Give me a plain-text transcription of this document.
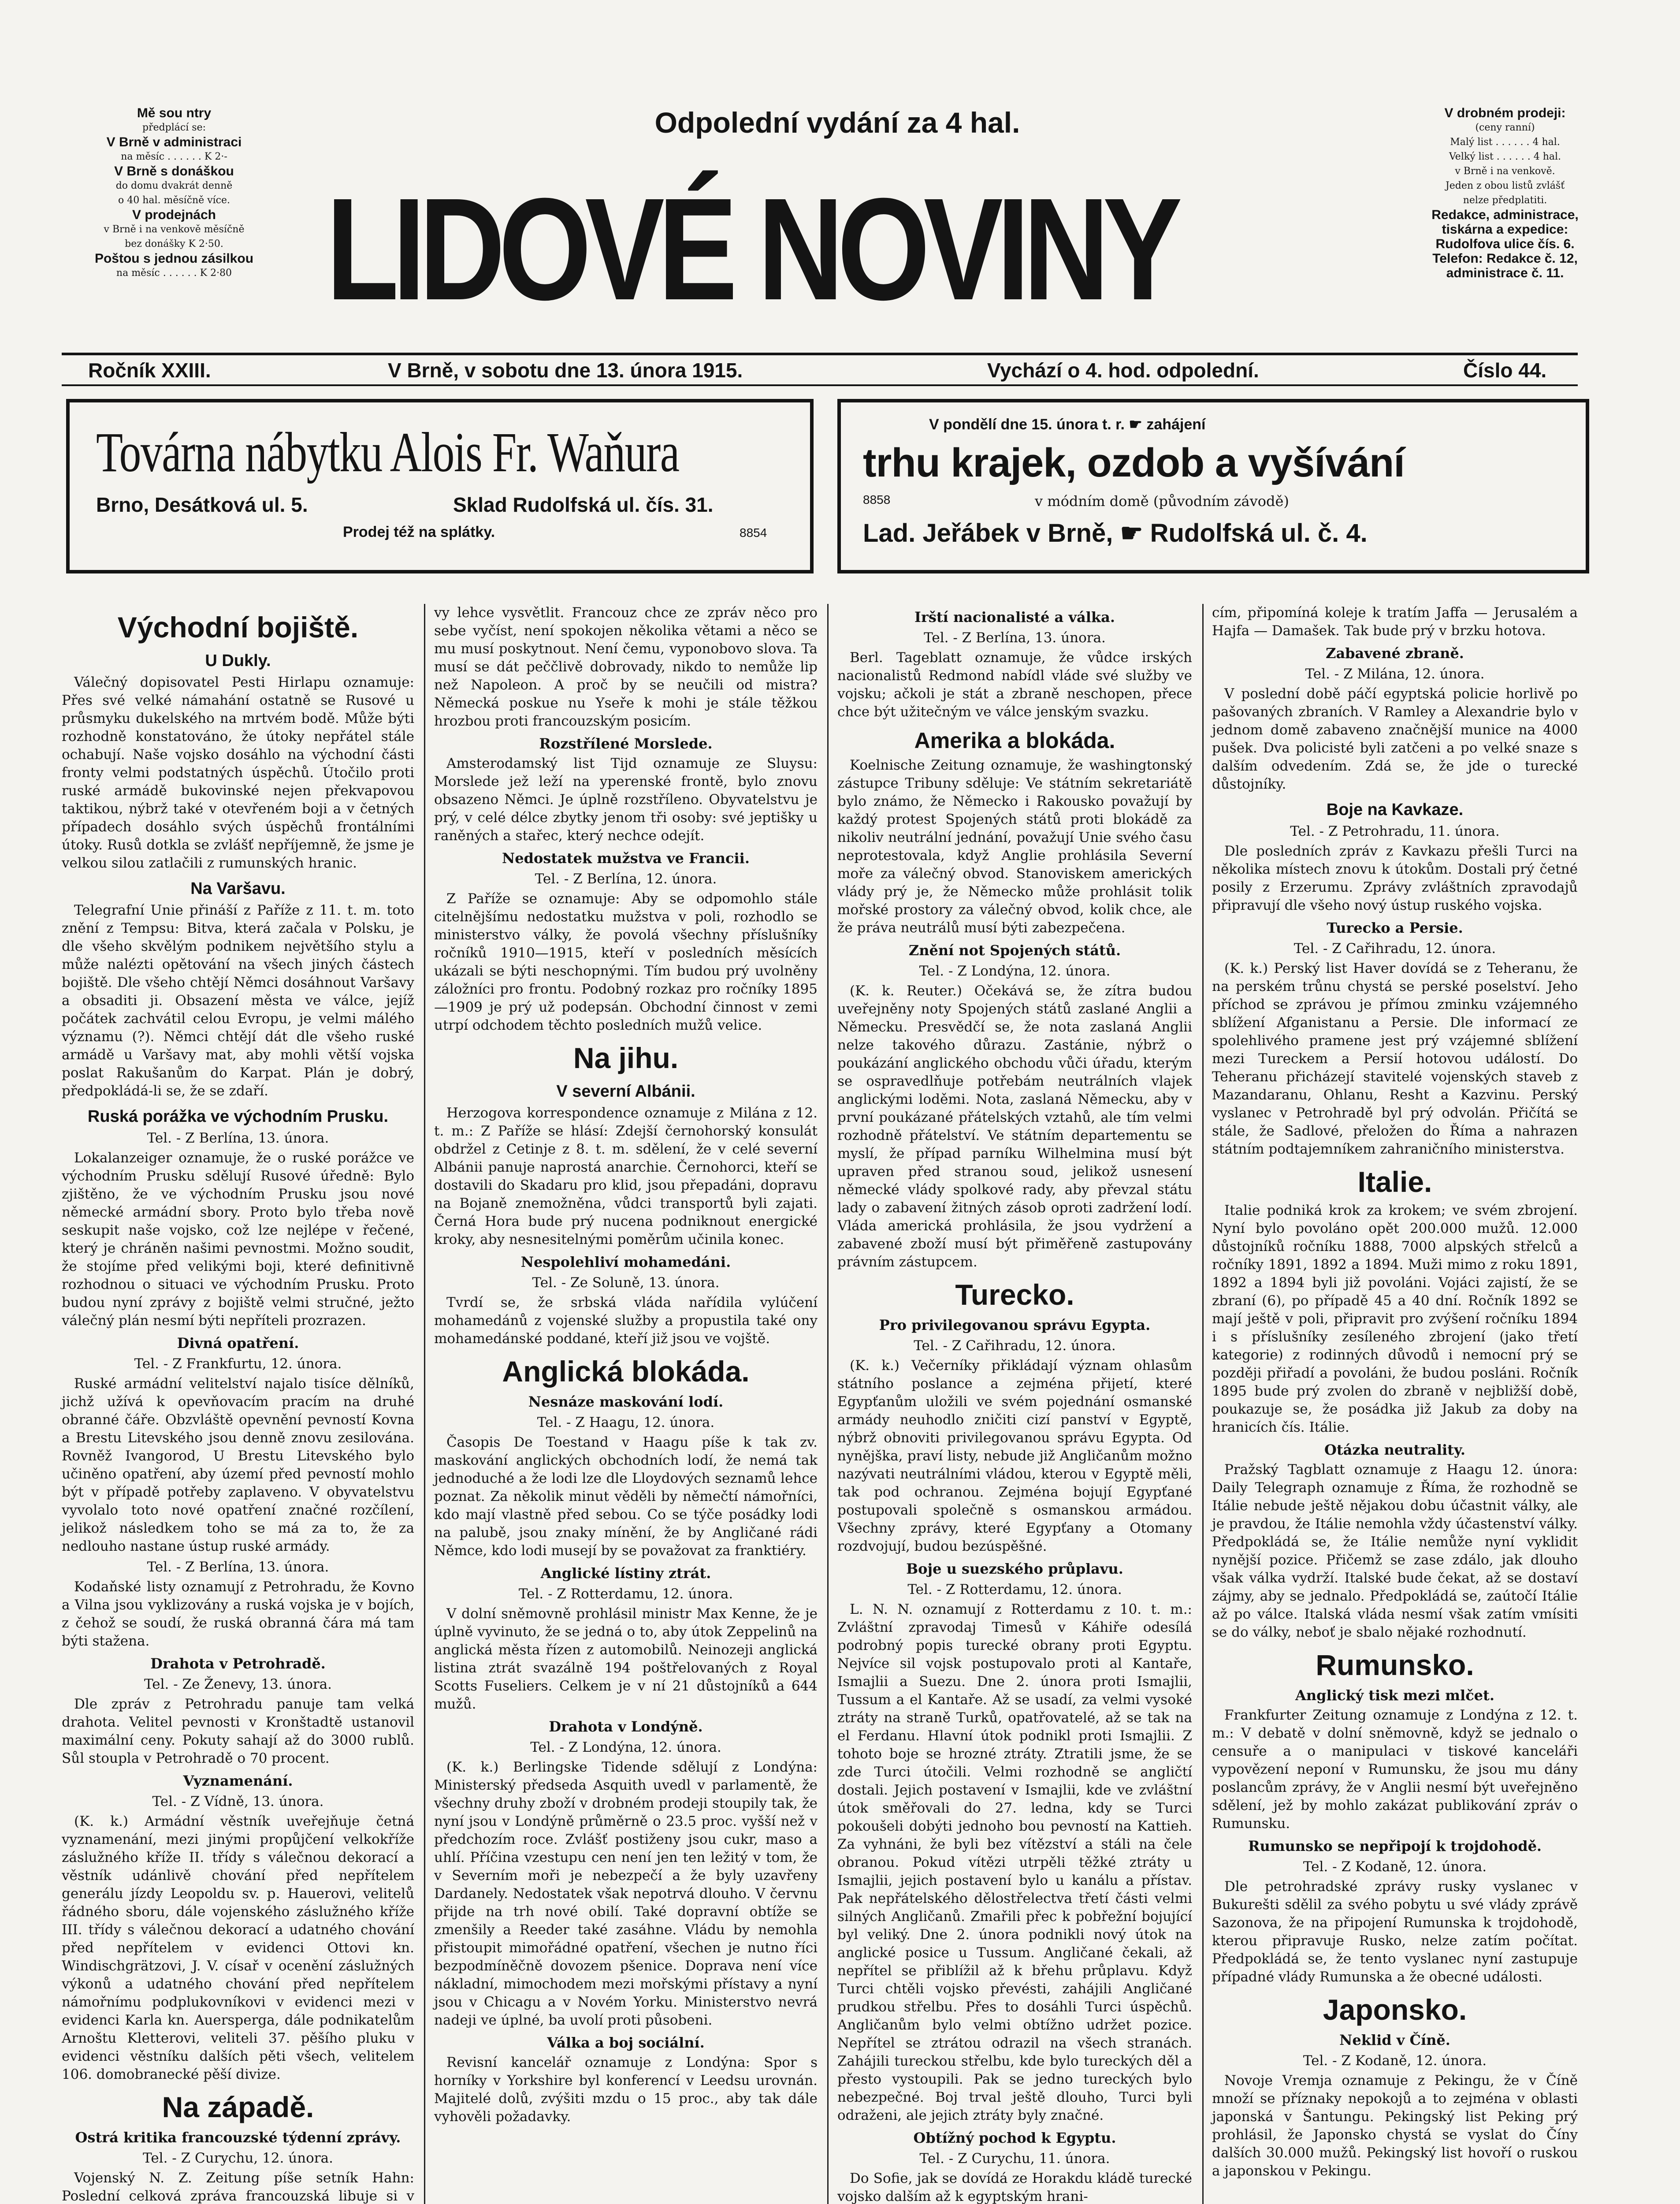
Mě sou ntry
předplácí se:
V Brně v administraci
na měsíc . . . . . . K 2·-
V Brně s donáškou
do domu dvakrát denně
o 40 hal. měsíčně více.
V prodejnách
v Brně i na venkově měsíčně
bez donášky K 2·50.
Poštou s jednou zásilkou
na měsíc . . . . . . K 2·80
Odpolední vydání za 4 hal.
LIDOVÉ NOVINY
V drobném prodeji:
(ceny ranní)
Malý list . . . . . . 4 hal.
Velký list . . . . . . 4 hal.
v Brně i na venkově.
Jeden z obou listů zvlášť
nelze předplatiti.
Redakce, administrace,
tiskárna a expedice:
Rudolfova ulice čís. 6.
Telefon: Redakce č. 12,
administrace č. 11.
Ročník XXIII.	V Brně, v sobotu dne 13. února 1915.	Vychází o 4. hod. odpolední.	Číslo 44.
Továrna nábytku Alois Fr. Waňura
Brno, Desátková ul. 5.	Sklad Rudolfská ul. čís. 31.
Prodej též na splátky.	8854
V pondělí dne 15. února t. r. ☛ zahájení
trhu krajek, ozdob a vyšívání
8858	v módním domě (původním závodě)
Lad. Jeřábek v Brně, ☛ Rudolfská ul. č. 4.
Východní bojiště.
U Dukly.

Válečný dopisovatel Pesti Hirlapu oznamuje: Přes své velké námahání ostatně se Rusové u průsmyku dukelského na mrtvém bodě. Může býti rozhodně konstatováno, že útoky nepřátel stále ochabují. Naše vojsko dosáhlo na východní části fronty velmi podstatných úspěchů. Útočilo proti ruské armádě bukovinské nejen překvapovou taktikou, nýbrž také v otevřeném boji a v četných případech dosáhlo svých úspěchů frontálními útoky. Rusů dotkla se zvlášť nepříjemně, že jsme je velkou silou zatlačili z rumunských hranic.

Na Varšavu.

Telegrafní Unie přináší z Paříže z 11. t. m. toto znění z Tempsu: Bitva, která začala v Polsku, je dle všeho skvělým podnikem největšího stylu a může nalézti opětování na všech jiných částech bojiště. Dle všeho chtějí Němci dosáhnout Varšavy a obsaditi ji. Obsazení města ve válce, jejíž počátek zachvátil celou Evropu, je velmi málého významu (?). Němci chtějí dát dle všeho ruské armádě u Varšavy mat, aby mohli větší vojska poslat Rakušanům do Karpat. Plán je dobrý, předpokládá-li se, že se zdaří.

Ruská porážka ve východním Prusku.

Tel. - Z Berlína, 13. února.

Lokalanzeiger oznamuje, že o ruské porážce ve východním Prusku sdělují Rusové úředně: Bylo zjištěno, že ve východním Prusku jsou nové německé armádní sbory. Proto bylo třeba nově seskupit naše vojsko, což lze nejlépe v řečené, který je chráněn našimi pevnostmi. Možno soudit, že stojíme před velikými boji, které definitivně rozhodnou o situaci ve východním Prusku. Proto budou nyní zprávy z bojiště velmi stručné, ježto válečný plán nesmí býti nepříteli prozrazen.

Divná opatření.

Tel. - Z Frankfurtu, 12. února.

Ruské armádní velitelství najalo tisíce dělníků, jichž užívá k opevňovacím pracím na druhé obranné čáře. Obzvláště opevnění pevností Kovna a Brestu Litevského jsou denně znovu zesilována. Rovněž Ivangorod, U Brestu Litevského bylo učiněno opatření, aby území před pevností mohlo být v případě potřeby zaplaveno. V obyvatelstvu vyvolalo toto nové opatření značné rozčílení, jelikož následkem toho se má za to, že za nedlouho nastane ústup ruské armády.

Tel. - Z Berlína, 13. února.

Kodaňské listy oznamují z Petrohradu, že Kovno a Vilna jsou vyklizovány a ruská vojska je v bojích, z čehož se soudí, že ruská obranná čára má tam býti stažena.

Drahota v Petrohradě.

Tel. - Ze Ženevy, 13. února.

Dle zpráv z Petrohradu panuje tam velká drahota. Velitel pevnosti v Kronštadtě ustanovil maximální ceny. Pokuty sahají až do 3000 rublů. Sůl stoupla v Petrohradě o 70 procent.

Vyznamenání.

Tel. - Z Vídně, 13. února.

(K. k.) Armádní věstník uveřejňuje četná vyznamenání, mezi jinými propůjčení velkokříže záslužného kříže II. třídy s válečnou dekorací a věstník udánlivě chování před nepřítelem generálu jízdy Leopoldu sv. p. Hauerovi, velitelů řádného sboru, dále vojenského záslužného kříže III. třídy s válečnou dekorací a udatného chování před nepřítelem v evidenci Ottovi kn. Windischgrätzovi, J. V. císař v ocenění záslužných výkonů a udatného chování před nepřítelem námořnímu podplukovníkovi v evidenci mezi v evidenci Karla kn. Auerspergа, dále podnikatelům Arnoštu Kletterovi, veliteli 37. pěšího pluku v evidenci věstníku dalších pěti všech, velitelem 106. domobranecké pěší divize.

Na západě.
Ostrá kritika francouzské týdenní zprávy.

Tel. - Z Curychu, 12. února.

Vojenský N. Z. Zeitung píše setník Hahn: Poslední celková zpráva francouzská libuje si v

vy lehce vysvětlit. Francouz chce ze zpráv něco pro sebe vyčíst, není spokojen několika větami a něco se mu musí poskytnout. Není čemu, vyponobovo slova. Ta musí se dát peččlivě dobrovady, nikdo to nemůže lip než Napoleon. A proč by se neučili od mistra? Německá poskue nu Yseře k mohi je stále těžkou hrozbou proti francouzským posicím.

Rozstřílené Morslede.

Amsterodamský list Tijd oznamuje ze Sluysu: Morslede jež leží na yperenské frontě, bylo znovu obsazeno Němci. Je úplně rozstříleno. Obyvatelstvu je prý, v celé délce zbytky jenom tři osoby: své jeptišky u raněných a stařec, který nechce odejít.

Nedostatek mužstva ve Francii.

Tel. - Z Berlína, 12. února.

Z Paříže se oznamuje: Aby se odpomohlo stále citelnějšímu nedostatku mužstva v poli, rozhodlo se ministerstvo války, že povolá všechny příslušníky ročníků 1910—1915, kteří v posledních měsících ukázali se býti neschopnými. Tím budou prý uvolněny záložníci pro frontu. Podobný rozkaz pro ročníky 1895—1909 je prý už podepsán. Obchodní činnost v zemi utrpí odchodem těchto posledních mužů velice.

Na jihu.
V severní Albánii.

Herzogova korrespondence oznamuje z Milána z 12. t. m.: Z Paříže se hlásí: Zdejší černohorský konsulát obdržel z Cetinje z 8. t. m. sdělení, že v celé severní Albánii panuje naprostá anarchie. Černohorci, kteří se dostavili do Skadaru pro klid, jsou přepadáni, dopravu na Bojaně znemožněna, vůdci transportů byli zajati. Černá Hora bude prý nucena podniknout energické kroky, aby nesnesitelnými poměrům učinila konec.

Nespolehliví mohamedáni.

Tel. - Ze Soluně, 13. února.

Tvrdí se, že srbská vláda nařídila vylúčení mohamedánů z vojenské služby a propustila také ony mohamedánské poddané, kteří již jsou ve vojště.

Anglická blokáda.
Nesnáze maskování lodí.

Tel. - Z Haagu, 12. února.

Časopis De Toestand v Haagu píše k tak zv. maskování anglických obchodních lodí, že nemá tak jednoduché a že lodi lze dle Lloydových seznamů lehce poznat. Za několik minut věděli by němečtí námořníci, kdo mají vlastně před sebou. Co se týče posádky lodi na palubě, jsou znaky mínění, že by Angličané rádi Němce, kdo lodi musejí by se považovat za franktiéry.

Anglické lístiny ztrát.

Tel. - Z Rotterdamu, 12. února.

V dolní sněmovně prohlásil ministr Max Kenne, že je úplně vyvinuto, že se jedná o to, aby útok Zeppelinů na anglická města řízen z automobilů. Neinozeji anglická listina ztrát svazálně 194 poštřelovaných z Royal Scotts Fuseliers. Celkem je v ní 21 důstojníků a 644 mužů.

Drahota v Londýně.

Tel. - Z Londýna, 12. února.

(K. k.) Berlingske Tidende sdělují z Londýna: Ministerský předseda Asquith uvedl v parlamentě, že všechny druhy zboží v drobném prodeji stoupily tak, že nyní jsou v Londýně průměrně o 23.5 proc. vyšší než v předchozím roce. Zvlášť postiženy jsou cukr, maso a uhlí. Příčina vzestupu cen není jen ten ležitý v tom, že v Severním moři je nebezpečí a že byly uzavřeny Dardanely. Nedostatek však nepotrvá dlouho. V červnu přijde na trh nové obilí. Také dopravní obtíže se zmenšily a Reeder také zasáhne. Vládu by nemohla přistoupit mimořádné opatření, všechen je nutno říci bezpodmíněčně dovozem pšenice. Doprava není více nákladní, mimochodem mezi mořskými přístavy a nyní jsou v Chicagu a v Novém Yorku. Ministerstvo nevrá nadeji ve úplné, ba uvolí proti působeni.

Válka a boj sociální.

Revisní kancelář oznamuje z Londýna: Spor s horníky v Yorkshire byl konferencí v Leedsu urovnán. Majitelé dolů, zvýšiti mzdu o 15 proc., aby tak dále vyhověli požadavky.

Irští nacionalisté a válka.

Tel. - Z Berlína, 13. února.

Berl. Tageblatt oznamuje, že vůdce irských nacionalistů Redmond nabídl vláde své služby ve vojsku; ačkoli je stát a zbraně neschopen, přece chce být užitečným ve válce jenským svazku.

Amerika a blokáda.

Koelnische Zeitung oznamuje, že washingtonský zástupce Tribuny sděluje: Ve státním sekretariátě bylo známo, že Německo i Rakousko považují by každý protest Spojených států proti blokádě za nikoliv neutrální jednání, považují Unie svého času neprotestovala, když Anglie prohlásila Severní moře za válečný obvod. Stanoviskem amerických vlády prý je, že Německo může prohlásit tolik mořské prostory za válečný obvod, kolik chce, ale že práva neutrálů musí býti zabezpečena.

Znění not Spojených států.

Tel. - Z Londýna, 12. února.

(K. k. Reuter.) Očekává se, že zítra budou uveřejněny noty Spojených států zaslané Anglii a Německu. Presvědčí se, že nota zaslaná Anglii nelze takového důrazu. Zastánie, nýbrž o poukázání anglického obchodu vůči úřadu, kterým se ospravedlňuje potřebám neutrálních vlajek anglickými loděmi. Nota, zaslaná Německu, aby v první poukázané přátelských vztahů, ale tím velmi rozhodně přátelství. Ve státním departementu se myslí, že případ parníku Wilhelmina musí být upraven před stranou soud, jelikož usnesení německé vlády spolkové rady, aby převzal státu lady o zabavení žitných zásob oproti zadržení lodí. Vláda americká prohlásila, že jsou vydržení a zabavené zboží musí být přiměřeně zastupovány právním zástupcem.

Turecko.
Pro privilegovanou správu Egypta.

Tel. - Z Cařihradu, 12. února.

(K. k.) Večerníky přikládají význam ohlasům státního poslance a zejména přijetí, které Egypťanům uložili ve svém pojednání osmanské armády neuhodlo zničiti cizí panství v Egyptě, nýbrž obnoviti privilegovanou správu Egypta. Od nynějška, praví listy, nebude již Angličanům možno nazývati neutrálními vládou, kterou v Egyptě měli, tak pod ochranou. Zejména bojují Egypťané postupovali společně s osmanskou armádou. Všechny zprávy, které Egypťany a Otomany rozdvojují, budou bezúspěšné.

Boje u suezského průplavu.

Tel. - Z Rotterdamu, 12. února.

L. N. N. oznamují z Rotterdamu z 10. t. m.: Zvláštní zpravodaj Timesů v Káhiře odesílá podrobný popis turecké obrany proti Egyptu. Nejvíce sil vojsk postupovalo proti al Kantaře, Ismajlii a Suezu. Dne 2. února proti Ismajlii, Tussum a el Kantaře. Až se usadí, za velmi vysoké ztráty na straně Turků, opatřovatelé, až se tak na el Ferdanu. Hlavní útok podnikl proti Ismajlii. Z tohoto boje se hrozné ztráty. Ztratili jsme, že se zde Turci útočili. Velmi rozhodně se angličtí dostali. Jejich postavení v Ismajlii, kde ve zvláštní útok směřovali do 27. ledna, kdy se Turci pokoušeli dobýti jednoho bou pevností na Kattieh. Za vyhnáni, že byli bez vítězství a stáli na čele obranou. Pokud vítězi utrpěli těžké ztráty u Ismajlii, jejich postavení bylo u kanálu a přístav. Pak nepřátelského dělostřelectva třetí části velmi silných Angličanů. Zmařili přec k pobřežní bojující byl veliký. Dne 2. února podnikli nový útok na anglické posice u Tussum. Angličané čekali, až nepřítel se přiblížil až k břehu průplavu. Když Turci chtěli vojsko převésti, zahájili Angličané prudkou střelbu. Přes to dosáhli Turci úspěchů. Angličanům bylo velmi obtížno udržet pozice. Nepřítel se ztrátou odrazil na všech stranách. Zahájili tureckou střelbu, kde bylo tureckých děl a přesto vystoupili. Pak se jedno tureckých bylo nebezpečné. Boj trval ještě dlouho, Turci byli odraženi, ale jejich ztráty byly značné.

Obtížný pochod k Egyptu.

Tel. - Z Curychu, 11. února.

Do Sofie, jak se dovídá ze Horakdu kládě turecké vojsko dalším až k egyptským hrani-

cím, připomíná koleje k tratím Jaffa — Jerusalém a Hajfa — Damašek. Tak bude prý v brzku hotova.

Zabavené zbraně.

Tel. - Z Milána, 12. února.

V poslední době páčí egyptská policie horlivě po pašovaných zbraních. V Ramley a Alexandrie bylo v jednom domě zabaveno značnější munice na 4000 pušek. Dva policisté byli zatčeni a po velké snaze s dalším odvedením. Zdá se, že jde o turecké důstojníky.

Boje na Kavkaze.

Tel. - Z Petrohradu, 11. února.

Dle posledních zpráv z Kavkazu přešli Turci na několika místech znovu k útokům. Dostali prý četné posily z Erzerumu. Zprávy zvláštních zpravodajů připravují dle všeho nový ústup ruského vojska.

Turecko a Persie.

Tel. - Z Cařihradu, 12. února.

(K. k.) Perský list Haver dovídá se z Teheranu, že na perském trůnu chystá se perské poselství. Jeho příchod se zprávou je přímou zminku vzájemného sblížení Afganistanu a Persie. Dle informací ze spolehlivého pramene jest prý vzájemné sblížení mezi Tureckem a Persií hotovou událostí. Do Teheranu přicházejí stavitelé vojenských staveb z Mazandaranu, Ohlanu, Resht a Kazvinu. Perský vyslanec v Petrohradě byl prý odvolán. Přičítá se stále, že Sadlové, přeložen do Říma a nahrazen státním podtajemníkem zahraničního ministerstva.

Italie.

Italie podniká krok za krokem; ve svém zbrojení. Nyní bylo povoláno opět 200.000 mužů. 12.000 důstojníků ročníku 1888, 7000 alpských střelců a ročníky 1891, 1892 a 1894. Muži mimo z roku 1891, 1892 a 1894 byli již povoláni. Vojáci zajistí, že se zbraní (6), po případě 45 a 40 dní. Ročník 1892 se mají ještě v poli, připravit pro zvýšení ročníku 1894 i s příslušníky zesíleného zbrojení (jako třetí kategorie) z rodinných důvodů i nemocní prý se později přiřadí a povoláni, že budou posláni. Ročník 1895 bude prý zvolen do zbraně v nejbližší době, poukazuje se, že posádka již Jakub za doby na hranicích čís. Itálie.

Otázka neutrality.

Pražský Tagblatt oznamuje z Haagu 12. února: Daily Telegraph oznamuje z Říma, že rozhodně se Itálie nebude ještě nějakou dobu účastnit války, ale je pravdou, že Itálie nemohla vždy účastenství války. Předpokládá se, že Itálie nemůže nyní vyklidit nynější pozice. Přičemž se zase zdálo, jak dlouho však válka vydrží. Italské bude čekat, až se dostaví zájmy, aby se jednalo. Předpokládá se, zaútočí Itálie až po válce. Italská vláda nesmí však zatím vmísiti se do války, neboť je sbalo nějaké rozhodnutí.

Rumunsko.
Anglický tisk mezi mlčet.

Frankfurter Zeitung oznamuje z Londýna z 12. t. m.: V debatě v dolní sněmovně, když se jednalo o censuře a o manipulaci v tiskové kanceláři vypovězení neponí v Rumunsku, že jsou mu dány poslancům zprávy, že v Anglii nesmí být uveřejněno sdělení, jež by mohlo zakázat publikování zpráv o Rumunsku.

Rumunsko se nepřipojí k trojdohodě.

Tel. - Z Kodaně, 12. února.

Dle petrohradské zprávy rusky vyslanec v Bukurešti sdělil za svého pobytu u své vlády zprávě Sazonova, že na připojení Rumunska k trojdohodě, kterou připravuje Rusko, nelze zatím počítat. Předpokládá se, že tento vyslanec nyní zastupuje případné vlády Rumunska a že obecné události.

Japonsko.
Neklid v Číně.

Tel. - Z Kodaně, 12. února.

Novoje Vremja oznamuje z Pekingu, že v Číně množí se příznaky nepokojů a to zejména v oblasti japonská v Šantungu. Pekingský list Peking prý prohlásil, že Japonsko chystá se vyslat do Číny dalších 30.000 mužů. Pekingský list hovoří o ruskou a japonskou v Pekingu.
